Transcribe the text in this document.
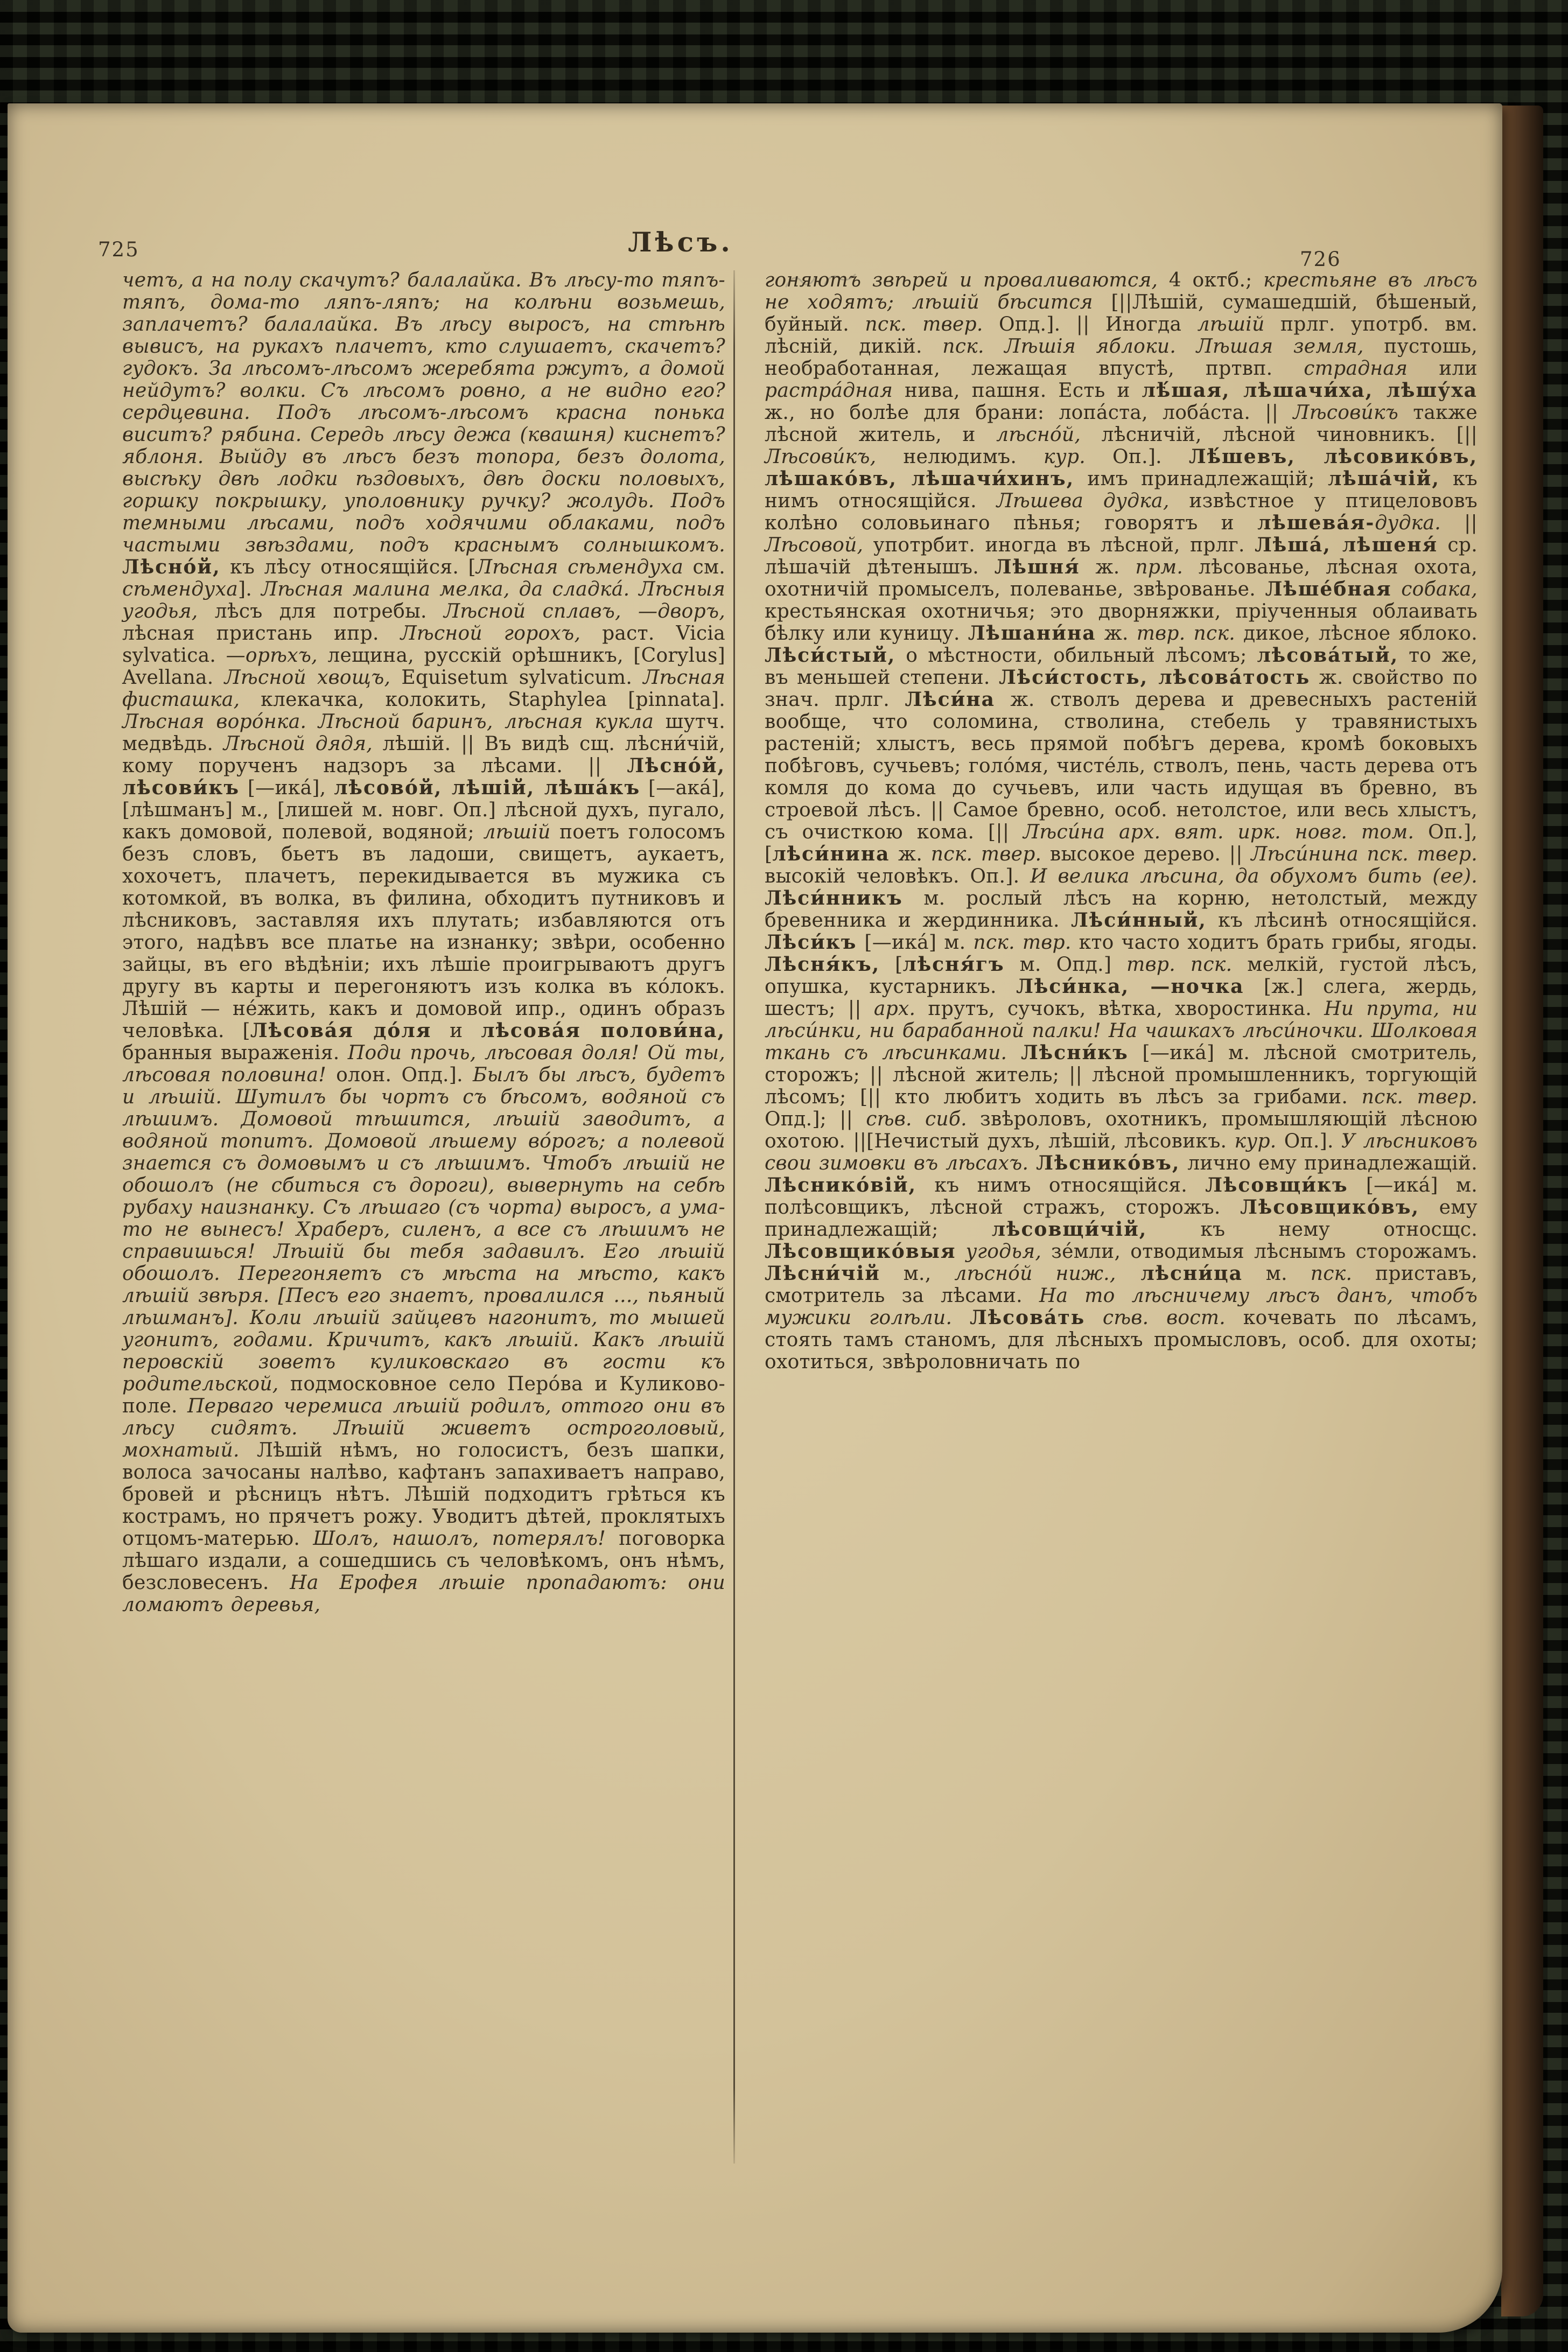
725	Лѣсъ.
726
четъ, а на полу скачутъ? балалайка. Въ лѣсу-то тяпъ-тяпъ, дома-то ляпъ-ляпъ; на колѣни возьмешь, заплачетъ? балалайка. Въ лѣсу выросъ, на стѣнѣ вывисъ, на рукахъ плачетъ, кто слушаетъ, скачетъ? гудокъ. За лѣсомъ-лѣсомъ жеребята ржутъ, а домой нейдутъ? волки. Съ лѣсомъ ровно, а не видно его? сердцевина. Подъ лѣсомъ-лѣсомъ красна понька виситъ? рябина. Середь лѣсу дежа (квашня) киснетъ? яблоня. Выйду въ лѣсъ безъ топора, безъ долота, высѣку двѣ лодки ѣздовыхъ, двѣ доски половыхъ, горшку покрышку, уполовнику ручку? жолудь. Подъ темными лѣсами, подъ ходячими облаками, подъ частыми звѣздами, подъ краснымъ солнышкомъ. Лѣсно́й, къ лѣсу относящійся. [Лѣсная сѣмендуха см. сѣмендуха]. Лѣсная малина мелка, да сладка́. Лѣсныя угодья, лѣсъ для потребы. Лѣсной сплавъ, —дворъ, лѣсная пристань ипр. Лѣсной горохъ, раст. Vicia sylvatica. —орѣхъ, лещина, русскій орѣшникъ, [Corylus] Avellana. Лѣсной хвощъ, Equisetum sylvaticum. Лѣсная фисташка, клекачка, колокить, Staphylea [pinnata]. Лѣсная воро́нка. Лѣсной баринъ, лѣсная кукла шутч. медвѣдь. Лѣсной дядя, лѣшій. || Въ видѣ сщ. лѣсни́чій, кому порученъ надзоръ за лѣсами. || Лѣсно́й, лѣсови́къ [—ика́], лѣсово́й, лѣшій, лѣша́къ [—ака́], [лѣшманъ] м., [лишей м. новг. Оп.] лѣсной духъ, пугало, какъ домовой, полевой, водяной; лѣшій поетъ голосомъ безъ словъ, бьетъ въ ладоши, свищетъ, аукаетъ, хохочетъ, плачетъ, перекидывается въ мужика съ котомкой, въ волка, въ филина, обходитъ путниковъ и лѣсниковъ, заставляя ихъ плутать; избавляются отъ этого, надѣвъ все платье на изнанку; звѣри, особенно зайцы, въ его вѣдѣніи; ихъ лѣшіе проигрываютъ другъ другу въ карты и перегоняютъ изъ колка въ ко́локъ. Лѣшій — не́жить, какъ и домовой ипр., одинъ образъ человѣка. [Лѣсова́я до́ля и лѣсова́я полови́на, бранныя выраженія. Поди прочь, лѣсовая доля! Ой ты, лѣсовая половина! олон. Опд.]. Былъ бы лѣсъ, будетъ и лѣшій. Шутилъ бы чортъ съ бѣсомъ, водяной съ лѣшимъ. Домовой тѣшится, лѣшій заводитъ, а водяной топитъ. Домовой лѣшему во́рогъ; а полевой знается съ домовымъ и съ лѣшимъ. Чтобъ лѣшій не обошолъ (не сбиться съ дороги), вывернуть на себѣ рубаху наизнанку. Съ лѣшаго (съ чорта) выросъ, а ума-то не вынесъ! Храберъ, силенъ, а все съ лѣшимъ не справишься! Лѣшій бы тебя задавилъ. Его лѣшій обошолъ. Перегоняетъ съ мѣста на мѣсто, какъ лѣшій звѣря. [Песъ его знаетъ, провалился ..., пьяный лѣшманъ]. Коли лѣшій зайцевъ нагонитъ, то мышей угонитъ, годами. Кричитъ, какъ лѣшій. Какъ лѣшій перовскій зоветъ куликовскаго въ гости къ родительской, подмосковное село Перо́ва и Куликово-поле. Перваго черемиса лѣшій родилъ, оттого они въ лѣсу сидятъ. Лѣшій живетъ остроголовый, мохнатый. Лѣшій нѣмъ, но голосистъ, безъ шапки, волоса зачосаны налѣво, кафтанъ запахиваетъ направо, бровей и рѣсницъ нѣтъ. Лѣшій подходитъ грѣться къ кострамъ, но прячетъ рожу. Уводитъ дѣтей, проклятыхъ отцомъ-матерью. Шолъ, нашолъ, потерялъ! поговорка лѣшаго издали, а сошедшись съ человѣкомъ, онъ нѣмъ, безсловесенъ. На Ерофея лѣшіе пропадаютъ: они ломаютъ деревья,
гоняютъ звѣрей и проваливаются, 4 октб.; крестьяне въ лѣсъ не ходятъ; лѣшій бѣсится [||Лѣшій, сумашедшій, бѣшеный, буйный. пск. твер. Опд.]. || Иногда лѣшій прлг. употрб. вм. лѣсній, дикій. пск. Лѣшія яблоки. Лѣшая земля, пустошь, необработанная, лежащая впустѣ, пртвп. страдная или растра́дная нива, пашня. Есть и лѣ́шая, лѣшачи́ха, лѣшу́ха ж., но болѣе для брани: лопа́ста, лоба́ста. || Лѣсови́къ также лѣсной житель, и лѣсно́й, лѣсничій, лѣсной чиновникъ. [||Лѣсови́къ, нелюдимъ. кур. Оп.]. Лѣ́шевъ, лѣсовико́въ, лѣшако́въ, лѣшачи́хинъ, имъ принадлежащій; лѣша́чій, къ нимъ относящійся. Лѣшева дудка, извѣстное у птицелововъ колѣно соловьинаго пѣнья; говорятъ и лѣшева́я-дудка. || Лѣсовой, употрбит. иногда въ лѣсной, прлг. Лѣша́, лѣшеня́ ср. лѣшачій дѣтенышъ. Лѣшня́ ж. прм. лѣсованье, лѣсная охота, охотничій промыселъ, полеванье, звѣрованье. Лѣше́бная собака, крестьянская охотничья; это дворняжки, пріученныя облаивать бѣлку или куницу. Лѣшани́на ж. твр. пск. дикое, лѣсное яблоко. Лѣси́стый, о мѣстности, обильный лѣсомъ; лѣсова́тый, то же, въ меньшей степени. Лѣси́стость, лѣсова́тость ж. свойство по знач. прлг. Лѣси́на ж. стволъ дерева и древесныхъ растеній вообще, что соломина, стволина, стебель у травянистыхъ растеній; хлыстъ, весь прямой побѣгъ дерева, кромѣ боковыхъ побѣговъ, сучьевъ; голо́мя, чисте́ль, стволъ, пень, часть дерева отъ комля до кома до сучьевъ, или часть идущая въ бревно, въ строевой лѣсъ. || Самое бревно, особ. нетолстое, или весь хлыстъ, съ очисткою кома. [|| Лѣси́на арх. вят. ирк. новг. том. Оп.], [лѣси́нина ж. пск. твер. высокое дерево. || Лѣси́нина пск. твер. высокій человѣкъ. Оп.]. И велика лѣсина, да обухомъ бить (ее). Лѣси́нникъ м. рослый лѣсъ на корню, нетолстый, между бревенника и жердинника. Лѣси́нный, къ лѣсинѣ относящійся. Лѣси́къ [—ика́] м. пск. твр. кто часто ходитъ брать грибы, ягоды. Лѣсня́къ, [лѣсня́гъ м. Опд.] твр. пск. мелкій, густой лѣсъ, опушка, кустарникъ. Лѣси́нка, —ночка [ж.] слега, жердь, шестъ; || арх. прутъ, сучокъ, вѣтка, хворостинка. Ни прута, ни лѣси́нки, ни барабанной палки! На чашкахъ лѣси́ночки. Шолковая ткань съ лѣсинками. Лѣсни́къ [—ика́] м. лѣсной смотритель, сторожъ; || лѣсной житель; || лѣсной промышленникъ, торгующій лѣсомъ; [|| кто любитъ ходить въ лѣсъ за грибами. пск. твер. Опд.]; || сѣв. сиб. звѣроловъ, охотникъ, промышляющій лѣсною охотою. ||[Нечистый духъ, лѣшій, лѣсовикъ. кур. Оп.]. У лѣсниковъ свои зимовки въ лѣсахъ. Лѣснико́въ, лично ему принадлежащій. Лѣснико́вій, къ нимъ относящійся. Лѣсовщи́къ [—ика́] м. полѣсовщикъ, лѣсной стражъ, сторожъ. Лѣсовщико́въ, ему принадлежащій; лѣсовщи́чій, къ нему относщс. Лѣсовщико́выя угодья, зе́мли, отводимыя лѣснымъ сторожамъ. Лѣсни́чій м., лѣсно́й ниж., лѣсни́ца м. пск. приставъ, смотритель за лѣсами. На то лѣсничему лѣсъ данъ, чтобъ мужики голѣли. Лѣсова́ть сѣв. вост. кочевать по лѣсамъ, стоять тамъ станомъ, для лѣсныхъ промысловъ, особ. для охоты; охотиться, звѣроловничать по
